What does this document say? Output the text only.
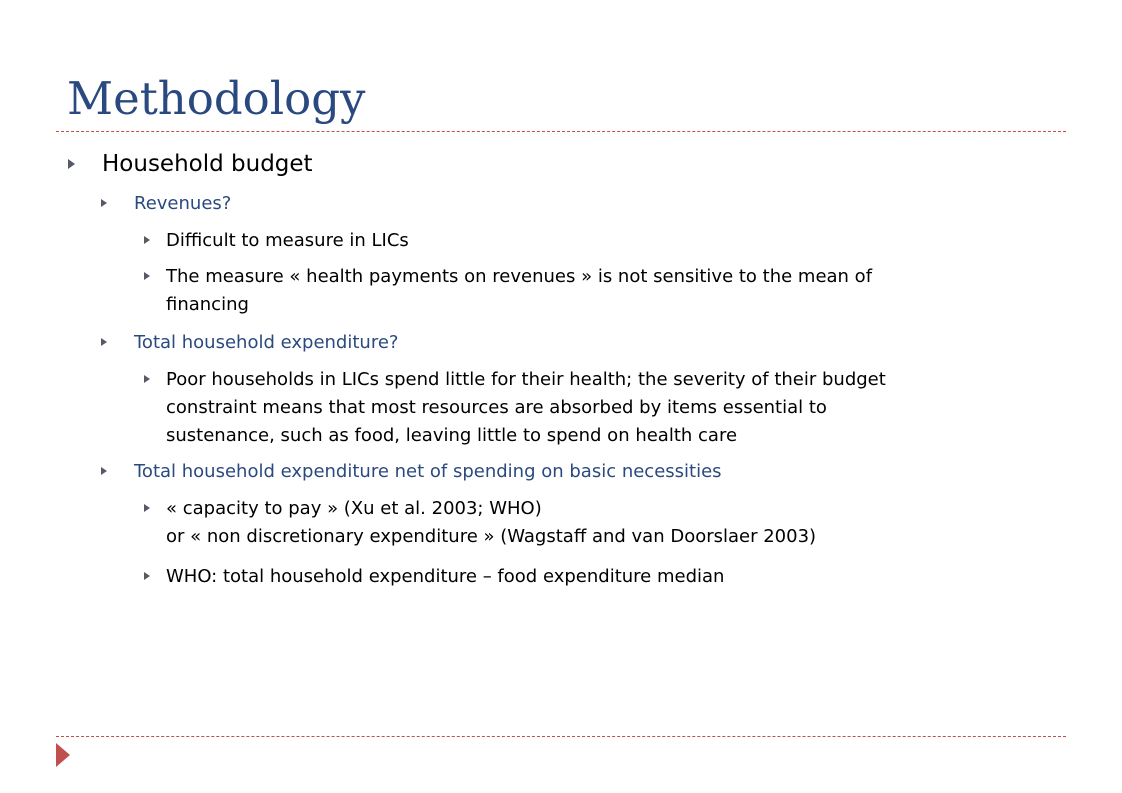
Methodology
Household budget
Revenues?
Difficult to measure in LICs
The measure « health payments on revenues » is not sensitive to the mean of
financing
Total household expenditure?
Poor households in LICs spend little for their health; the severity of their budget
constraint means that most resources are absorbed by items essential to
sustenance, such as food, leaving little to spend on health care
Total household expenditure net of spending on basic necessities
« capacity to pay » (Xu et al. 2003; WHO)
or « non discretionary expenditure » (Wagstaff and van Doorslaer 2003)
WHO: total household expenditure – food expenditure median
